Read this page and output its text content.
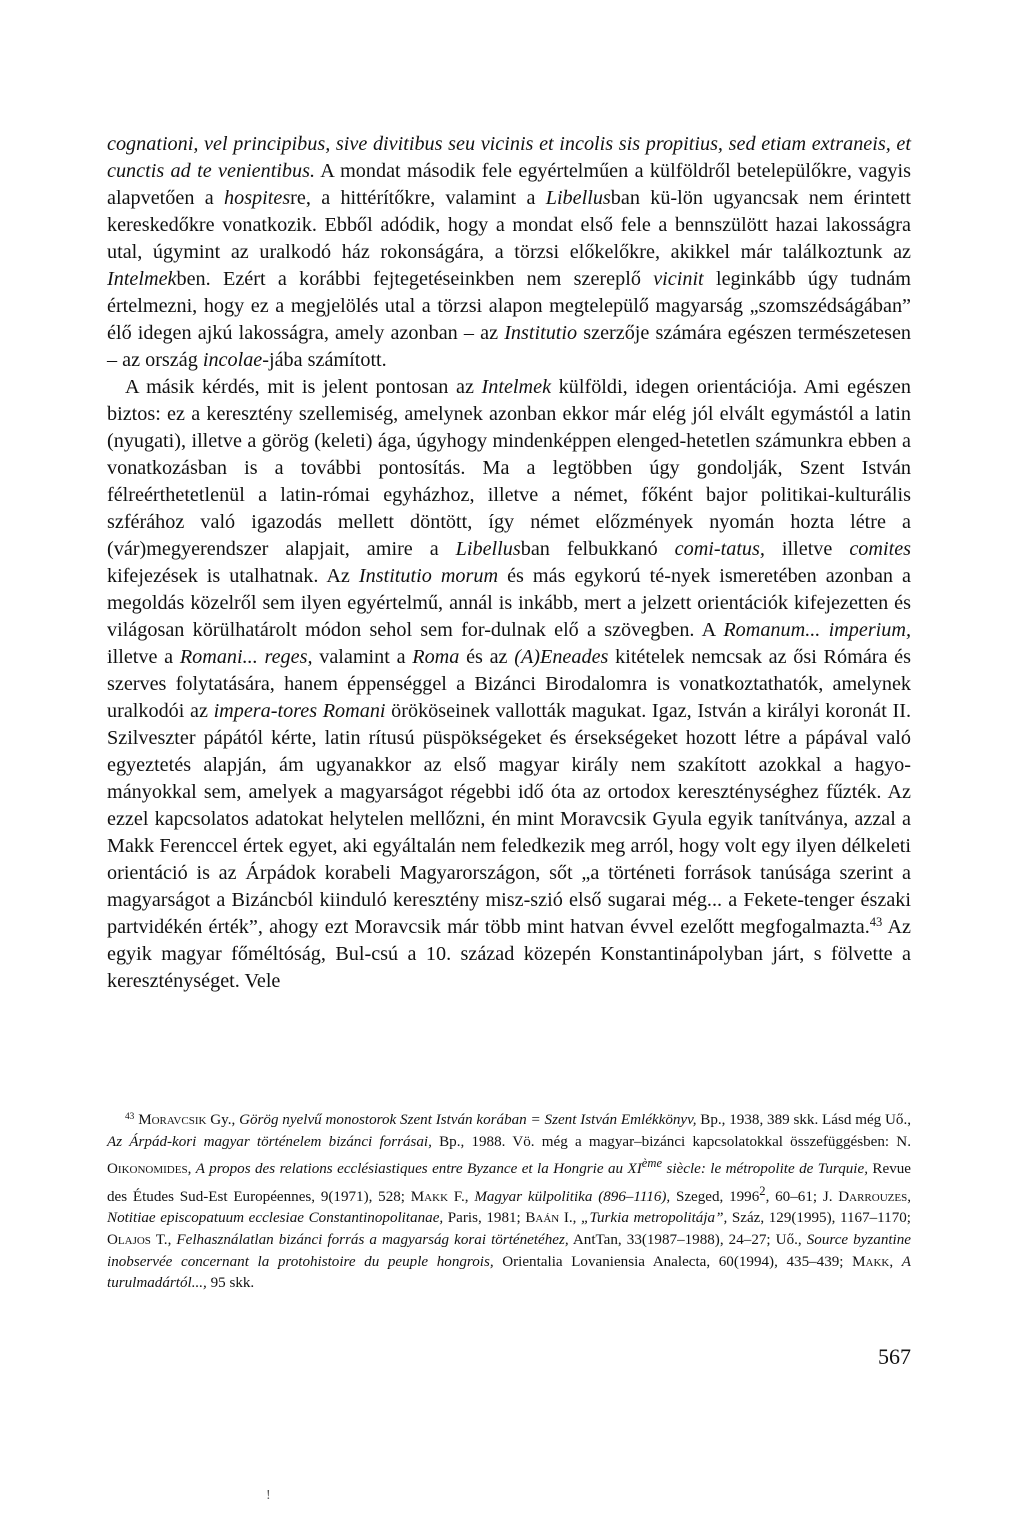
cognationi, vel principibus, sive divitibus seu vicinis et incolis sis propitius, sed etiam extraneis, et cunctis ad te venientibus. A mondat második fele egyértelműen a külföldről betelepülőkre, vagyis alapvetően a hospitesre, a hittérítőkre, valamint a Libellusban kü-lön ugyancsak nem érintett kereskedőkre vonatkozik. Ebből adódik, hogy a mondat első fele a bennszülött hazai lakosságra utal, úgymint az uralkodó ház rokonságára, a törzsi előkelőkre, akikkel már találkoztunk az Intelmekben. Ezért a korábbi fejtegetéseinkben nem szereplő vicinit leginkább úgy tudnám értelmezni, hogy ez a megjelölés utal a törzsi alapon megtelepülő magyarság „szomszédságában” élő idegen ajkú lakosságra, amely azonban – az Institutio szerzője számára egészen természetesen – az ország incolae-jába számított.

A másik kérdés, mit is jelent pontosan az Intelmek külföldi, idegen orientációja. Ami egészen biztos: ez a keresztény szellemiség, amelynek azonban ekkor már elég jól elvált egymástól a latin (nyugati), illetve a görög (keleti) ága, úgyhogy mindenképpen elenged-hetetlen számunkra ebben a vonatkozásban is a további pontosítás. Ma a legtöbben úgy gondolják, Szent István félreérthetetlenül a latin-római egyházhoz, illetve a német, főként bajor politikai-kulturális szférához való igazodás mellett döntött, így német előzmények nyomán hozta létre a (vár)megyerendszer alapjait, amire a Libellusban felbukkanó comi-tatus, illetve comites kifejezések is utalhatnak. Az Institutio morum és más egykorú té-nyek ismeretében azonban a megoldás közelről sem ilyen egyértelmű, annál is inkább, mert a jelzett orientációk kifejezetten és világosan körülhatárolt módon sehol sem for-dulnak elő a szövegben. A Romanum... imperium, illetve a Romani... reges, valamint a Roma és az (A)Eneades kitételek nemcsak az ősi Rómára és szerves folytatására, hanem éppenséggel a Bizánci Birodalomra is vonatkoztathatók, amelynek uralkodói az impera-tores Romani örököseinek vallották magukat. Igaz, István a királyi koronát II. Szilveszter pápától kérte, latin rítusú püspökségeket és érsekségeket hozott létre a pápával való egyeztetés alapján, ám ugyanakkor az első magyar király nem szakított azokkal a hagyo-mányokkal sem, amelyek a magyarságot régebbi idő óta az ortodox kereszténységhez fűzték. Az ezzel kapcsolatos adatokat helytelen mellőzni, én mint Moravcsik Gyula egyik tanítványa, azzal a Makk Ferenccel értek egyet, aki egyáltalán nem feledkezik meg arról, hogy volt egy ilyen délkeleti orientáció is az Árpádok korabeli Magyarországon, sőt „a történeti források tanúsága szerint a magyarságot a Bizáncból kiinduló keresztény misz-szió első sugarai még... a Fekete-tenger északi partvidékén érték”, ahogy ezt Moravcsik már több mint hatvan évvel ezelőtt megfogalmazta.$^{43}$ Az egyik magyar főméltóság, Bul-csú a 10. század közepén Konstantinápolyban járt, s fölvette a kereszténységet. Vele

$^{43}$ Moravcsik Gy., Görög nyelvű monostorok Szent István korában = Szent István Emlékkönyv, Bp., 1938, 389 skk. Lásd még Uő., Az Árpád-kori magyar történelem bizánci forrásai, Bp., 1988. Vö. még a magyar–bizánci kapcsolatokkal összefüggésben: N. Oikonomides, A propos des relations ecclésiastiques entre Byzance et la Hongrie au XIème siècle: le métropolite de Turquie, Revue des Études Sud-Est Européennes, 9(1971), 528; Makk F., Magyar külpolitika (896–1116), Szeged, 1996$^2$, 60–61; J. Darrouzes, Notitiae episcopatuum ecclesiae Constantinopolitanae, Paris, 1981; Baán I., „Turkia metropolitája”, Száz, 129(1995), 1167–1170; Olajos T., Felhasználatlan bizánci forrás a magyarság korai történetéhez, AntTan, 33(1987–1988), 24–27; Uő., Source byzantine inobservée concernant la protohistoire du peuple hongrois, Orientalia Lovaniensia Analecta, 60(1994), 435–439; Makk, A turulmadártól..., 95 skk.

567
!
